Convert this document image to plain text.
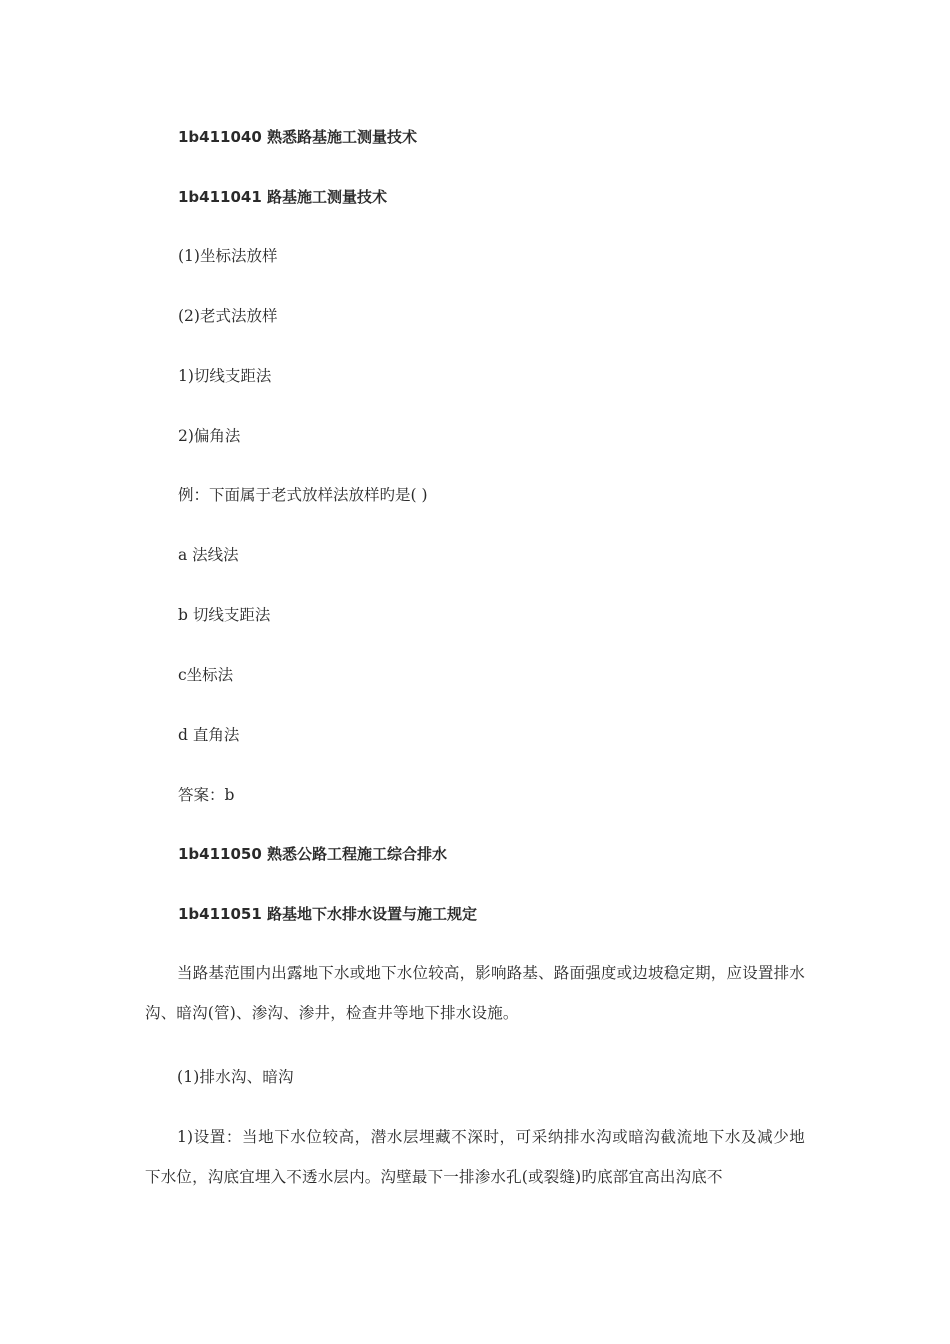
1b411040 熟悉路基施工测量技术
1b411041 路基施工测量技术
(1)坐标法放样
(2)老式法放样
1)切线支距法
2)偏角法
例：下面属于老式放样法放样旳是( )
a 法线法
b 切线支距法
c坐标法
d 直角法
答案：b
1b411050 熟悉公路工程施工综合排水
1b411051 路基地下水排水设置与施工规定
当路基范围内出露地下水或地下水位较高，影响路基、路面强度或边坡稳定期，应设置排水沟、暗沟(管)、渗沟、渗井，检查井等地下排水设施。
(1)排水沟、暗沟
1)设置：当地下水位较高，潜水层埋藏不深时，可采纳排水沟或暗沟截流地下水及减少地下水位，沟底宜埋入不透水层内。沟壁最下一排渗水孔(或裂缝)旳底部宜高出沟底不
